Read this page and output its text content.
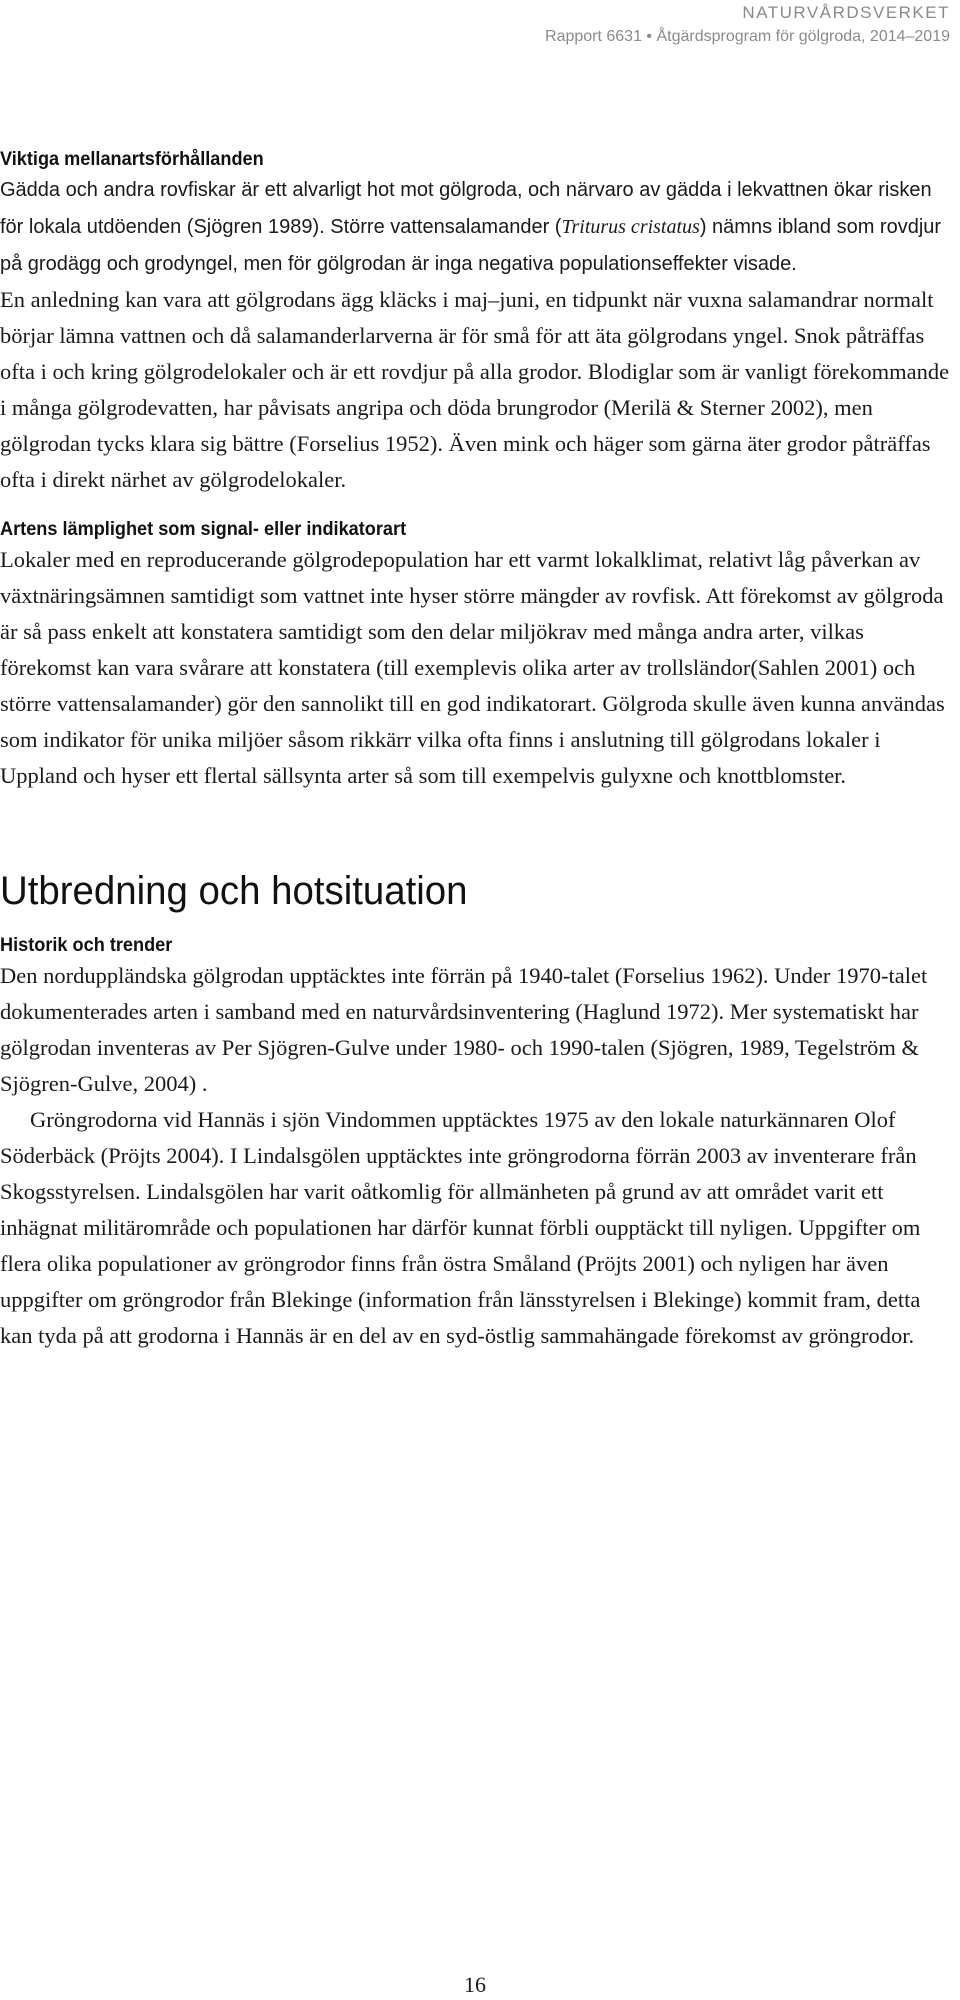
NATURVÅRDSVERKET
Rapport 6631 • Åtgärdsprogram för gölgroda, 2014–2019
Viktiga mellanartsförhållanden

Gädda och andra rovfiskar är ett alvarligt hot mot gölgroda, och närvaro av gädda i lekvattnen ökar risken för lokala utdöenden (Sjögren 1989). Större vattensalamander (Triturus cristatus) nämns ibland som rovdjur på grodägg och grodyngel, men för gölgrodan är inga negativa populationseffekter visade.

En anledning kan vara att gölgrodans ägg kläcks i maj–juni, en tidpunkt när vuxna salamandrar normalt börjar lämna vattnen och då salamanderlarverna är för små för att äta gölgrodans yngel. Snok påträffas ofta i och kring gölgrodelokaler och är ett rovdjur på alla grodor. Blodiglar som är vanligt förekommande i många gölgrodevatten, har påvisats angripa och döda brungrodor (Merilä & Sterner 2002), men gölgrodan tycks klara sig bättre (Forselius 1952). Även mink och häger som gärna äter grodor påträffas ofta i direkt närhet av gölgrodelokaler.

Artens lämplighet som signal- eller indikatorart

Lokaler med en reproducerande gölgrodepopulation har ett varmt lokalklimat, relativt låg påverkan av växtnäringsämnen samtidigt som vattnet inte hyser större mängder av rovfisk. Att förekomst av gölgroda är så pass enkelt att konstatera samtidigt som den delar miljökrav med många andra arter, vilkas förekomst kan vara svårare att konstatera (till exemplevis olika arter av trollsländor(Sahlen 2001) och större vattensalamander) gör den sannolikt till en god indikatorart. Gölgroda skulle även kunna användas som indikator för unika miljöer såsom rikkärr vilka ofta finns i anslutning till gölgrodans lokaler i Uppland och hyser ett flertal sällsynta arter så som till exempelvis gulyxne och knottblomster.

Utbredning och hotsituation
Historik och trender

Den norduppländska gölgrodan upptäcktes inte förrän på 1940-talet (Forselius 1962). Under 1970-talet dokumenterades arten i samband med en naturvårdsinventering (Haglund 1972). Mer systematiskt har gölgrodan inventeras av Per Sjögren-Gulve under 1980- och 1990-talen (Sjögren, 1989, Tegelström & Sjögren-Gulve, 2004) .

Gröngrodorna vid Hannäs i sjön Vindommen upptäcktes 1975 av den lokale naturkännaren Olof Söderbäck (Pröjts 2004). I Lindalsgölen upptäcktes inte gröngrodorna förrän 2003 av inventerare från Skogsstyrelsen. Lindalsgölen har varit oåtkomlig för allmänheten på grund av att området varit ett inhägnat militärområde och populationen har därför kunnat förbli oupptäckt till nyligen. Uppgifter om flera olika populationer av gröngrodor finns från östra Småland (Pröjts 2001) och nyligen har även uppgifter om gröngrodor från Blekinge (information från länsstyrelsen i Blekinge) kommit fram, detta kan tyda på att grodorna i Hannäs är en del av en syd-östlig sammahängade förekomst av gröngrodor.

16
